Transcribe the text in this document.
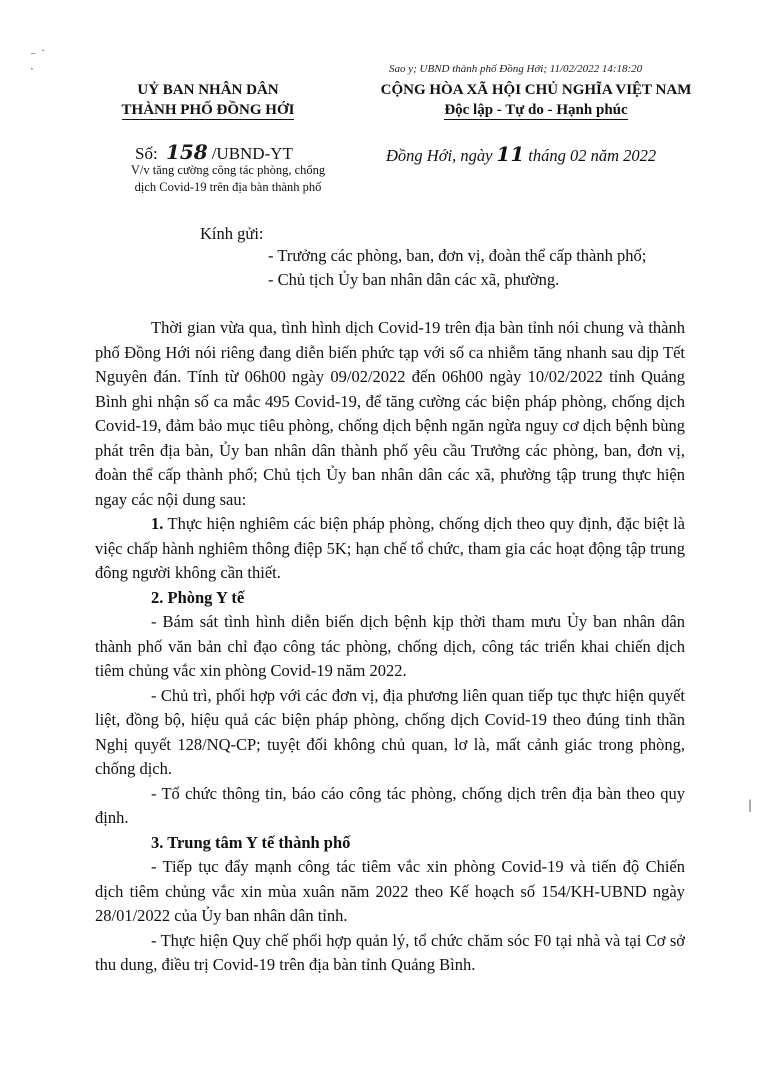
⁻ ˙
·	Sao y; UBND thành phố Đồng Hới; 11/02/2022 14:18:20
UỶ BAN NHÂN DÂN
THÀNH PHỐ ĐỒNG HỚI
CỘNG HÒA XÃ HỘI CHỦ NGHĨA VIỆT NAM
Độc lập - Tự do - Hạnh phúc
Số: 158 /UBND-YT
V/v tăng cường công tác phòng, chống
dịch Covid-19 trên địa bàn thành phố
Đồng Hới, ngày 11 tháng 02 năm 2022
Kính gửi:
- Trưởng các phòng, ban, đơn vị, đoàn thể cấp thành phố;
- Chủ tịch Ủy ban nhân dân các xã, phường.

Thời gian vừa qua, tình hình dịch Covid-19 trên địa bàn tỉnh nói chung và thành phố Đồng Hới nói riêng đang diễn biến phức tạp với số ca nhiễm tăng nhanh sau dịp Tết Nguyên đán. Tính từ 06h00 ngày 09/02/2022 đến 06h00 ngày 10/02/2022 tỉnh Quảng Bình ghi nhận số ca mắc 495 Covid-19, để tăng cường các biện pháp phòng, chống dịch Covid-19, đảm bảo mục tiêu phòng, chống dịch bệnh ngăn ngừa nguy cơ dịch bệnh bùng phát trên địa bàn, Ủy ban nhân dân thành phố yêu cầu Trưởng các phòng, ban, đơn vị, đoàn thể cấp thành phố; Chủ tịch Ủy ban nhân dân các xã, phường tập trung thực hiện ngay các nội dung sau:

1. Thực hiện nghiêm các biện pháp phòng, chống dịch theo quy định, đặc biệt là việc chấp hành nghiêm thông điệp 5K; hạn chế tổ chức, tham gia các hoạt động tập trung đông người không cần thiết.

2. Phòng Y tế

- Bám sát tình hình diễn biến dịch bệnh kịp thời tham mưu Ủy ban nhân dân thành phố văn bản chỉ đạo công tác phòng, chống dịch, công tác triển khai chiến dịch tiêm chủng vắc xin phòng Covid-19 năm 2022.

- Chủ trì, phối hợp với các đơn vị, địa phương liên quan tiếp tục thực hiện quyết liệt, đồng bộ, hiệu quả các biện pháp phòng, chống dịch Covid-19 theo đúng tinh thần Nghị quyết 128/NQ-CP; tuyệt đối không chủ quan, lơ là, mất cảnh giác trong phòng, chống dịch.

- Tổ chức thông tin, báo cáo công tác phòng, chống dịch trên địa bàn theo quy định.

3. Trung tâm Y tế thành phố

- Tiếp tục đẩy mạnh công tác tiêm vắc xin phòng Covid-19 và tiến độ Chiến dịch tiêm chủng vắc xin mùa xuân năm 2022 theo Kế hoạch số 154/KH-UBND ngày 28/01/2022 của Ủy ban nhân dân tỉnh.

- Thực hiện Quy chế phối hợp quản lý, tổ chức chăm sóc F0 tại nhà và tại Cơ sở thu dung, điều trị Covid-19 trên địa bàn tỉnh Quảng Bình.

|
